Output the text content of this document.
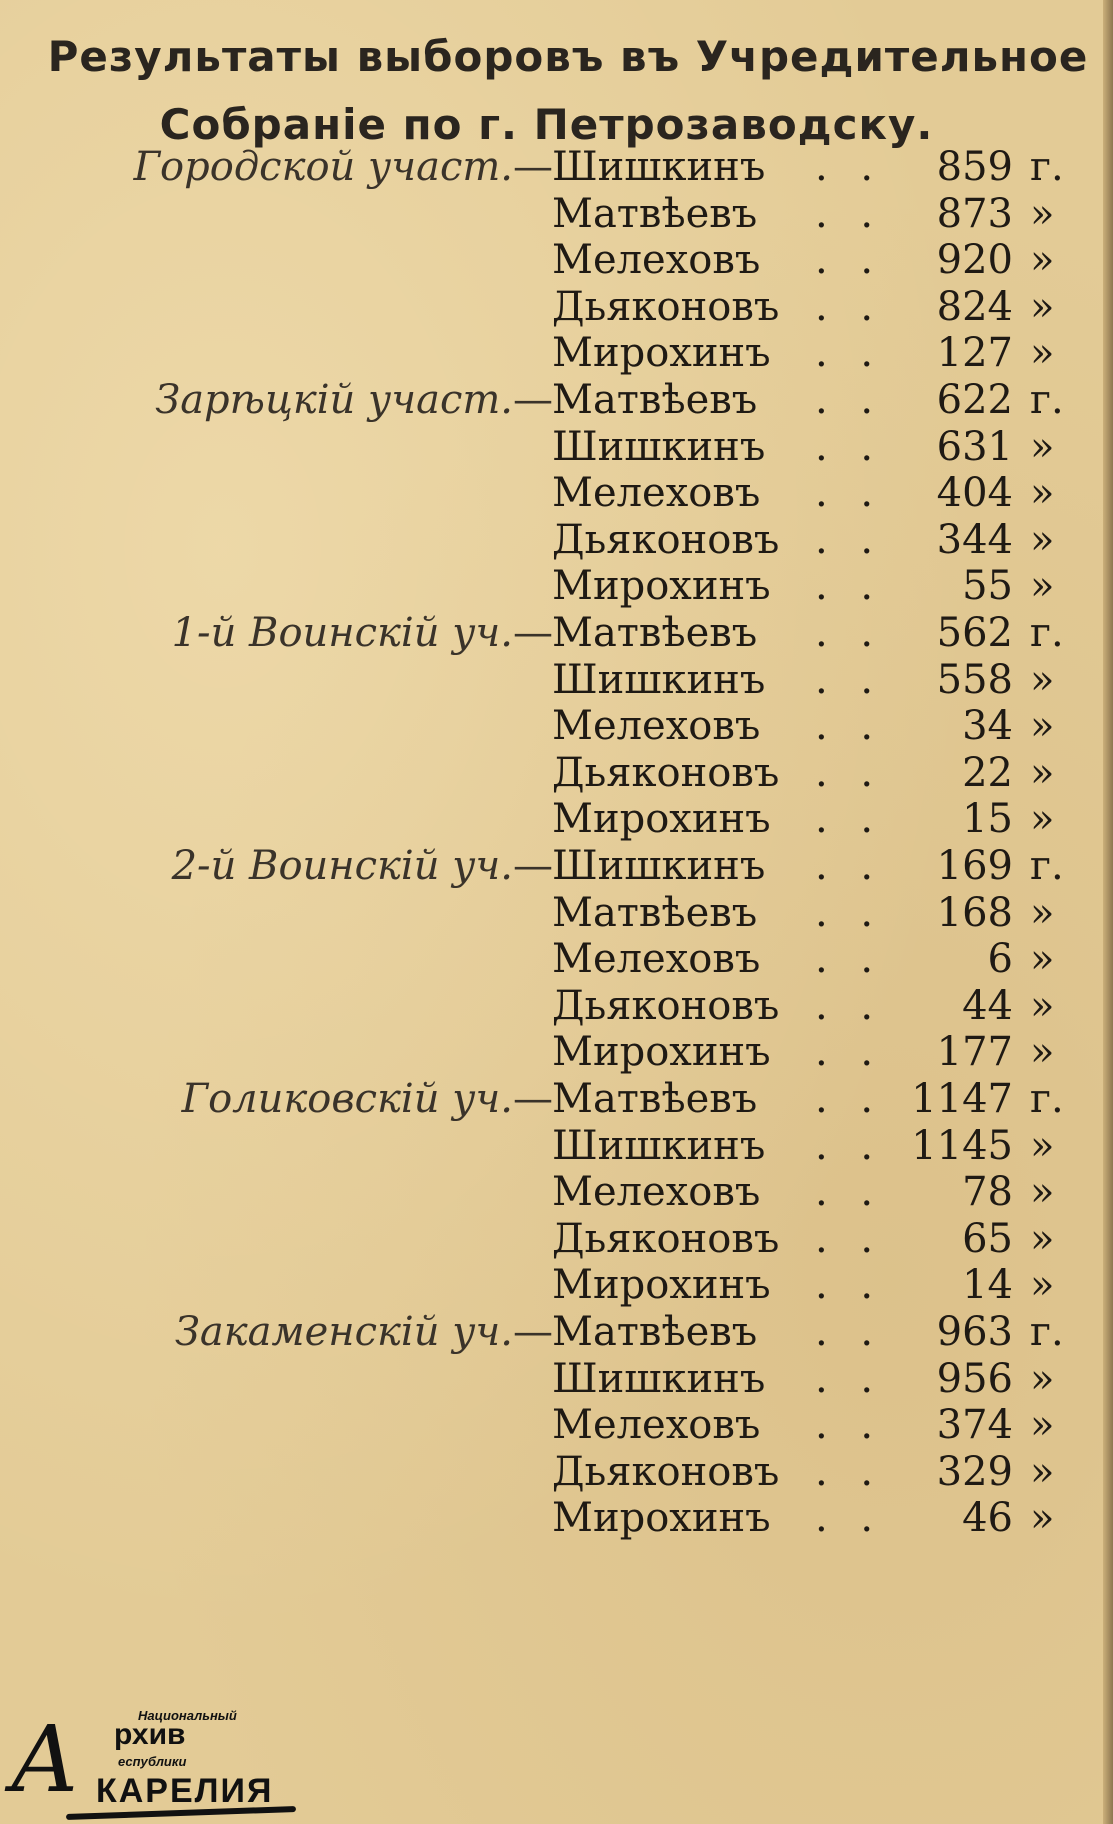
Результаты выборовъ въ Учредительное
Собраніе по г. Петрозаводску.
Городской участ.— Шишкинъ . . 859 г.
Матвѣевъ . . 873 »
Мелеховъ . . 920 »
Дьяконовъ . . 824 »
Мирохинъ . . 127 »
Зарѣцкій участ.— Матвѣевъ . . 622 г.
Шишкинъ . . 631 »
Мелеховъ . . 404 »
Дьяконовъ . . 344 »
Мирохинъ . . 55 »
1-й Воинскій уч.— Матвѣевъ . . 562 г.
Шишкинъ . . 558 »
Мелеховъ . . 34 »
Дьяконовъ . . 22 »
Мирохинъ . . 15 »
2-й Воинскій уч.— Шишкинъ . . 169 г.
Матвѣевъ . . 168 »
Мелеховъ . .	6 »
Дьяконовъ . . 44 »
Мирохинъ . . 177 »
Голиковскій уч.— Матвѣевъ . . 1147 г.
Шишкинъ . . 1145 »
Мелеховъ . . 78 »
Дьяконовъ . . 65 »
Мирохинъ . . 14 »
Закаменскій уч.— Матвѣевъ . . 963 г.
Шишкинъ . . 956 »
Мелеховъ . . 374 »
Дьяконовъ . . 329 »
Мирохинъ . . 46 »
А	Национальный
рхив
еспублики
КАРЕЛИЯ
